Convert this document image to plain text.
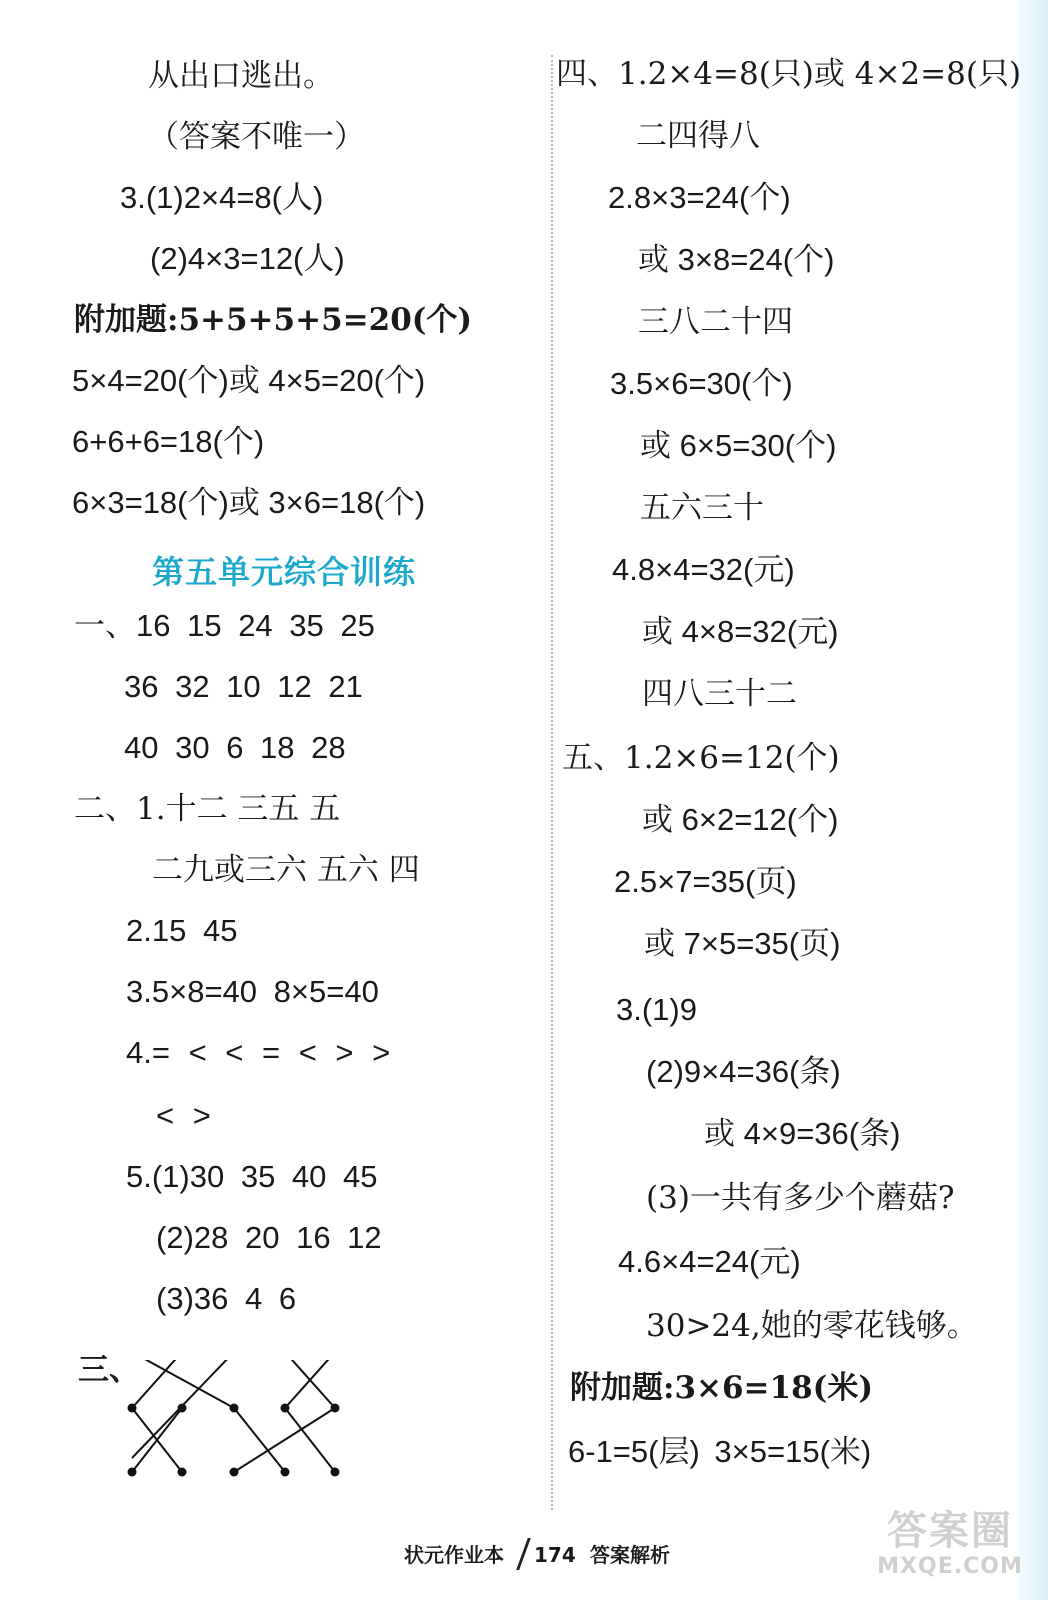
从出口逃出。
（答案不唯一）
3.(1)2×4=8(人)
(2)4×3=12(人)
附加题:5+5+5+5=20(个)
5×4=20(个)或 4×5=20(个)
6+6+6=18(个)
6×3=18(个)或 3×6=18(个)
第五单元综合训练
一、16 15 24 35 25
36 32 10 12 21
40 30 6 18 28
二、1.十二 三五 五
二九或三六 五六 四
2.15 45
3.5×8=40 8×5=40
4.= < < = < > >
< >
5.(1)30 35 40 45
(2)28 20 16 12
(3)36 4 6
三、
四、1.2×4=8(只)或 4×2=8(只)
二四得八
2.8×3=24(个)
或 3×8=24(个)
三八二十四
3.5×6=30(个)
或 6×5=30(个)
五六三十
4.8×4=32(元)
或 4×8=32(元)
四八三十二
五、1.2×6=12(个)
或 6×2=12(个)
2.5×7=35(页)
或 7×5=35(页)
3.(1)9
(2)9×4=36(条)
或 4×9=36(条)
(3)一共有多少个蘑菇?
4.6×4=24(元)
30>24,她的零花钱够。
附加题:3×6=18(米)
6-1=5(层) 3×5=15(米)
状元作业本 174 答案解析
答案圈
MXQE.COM
